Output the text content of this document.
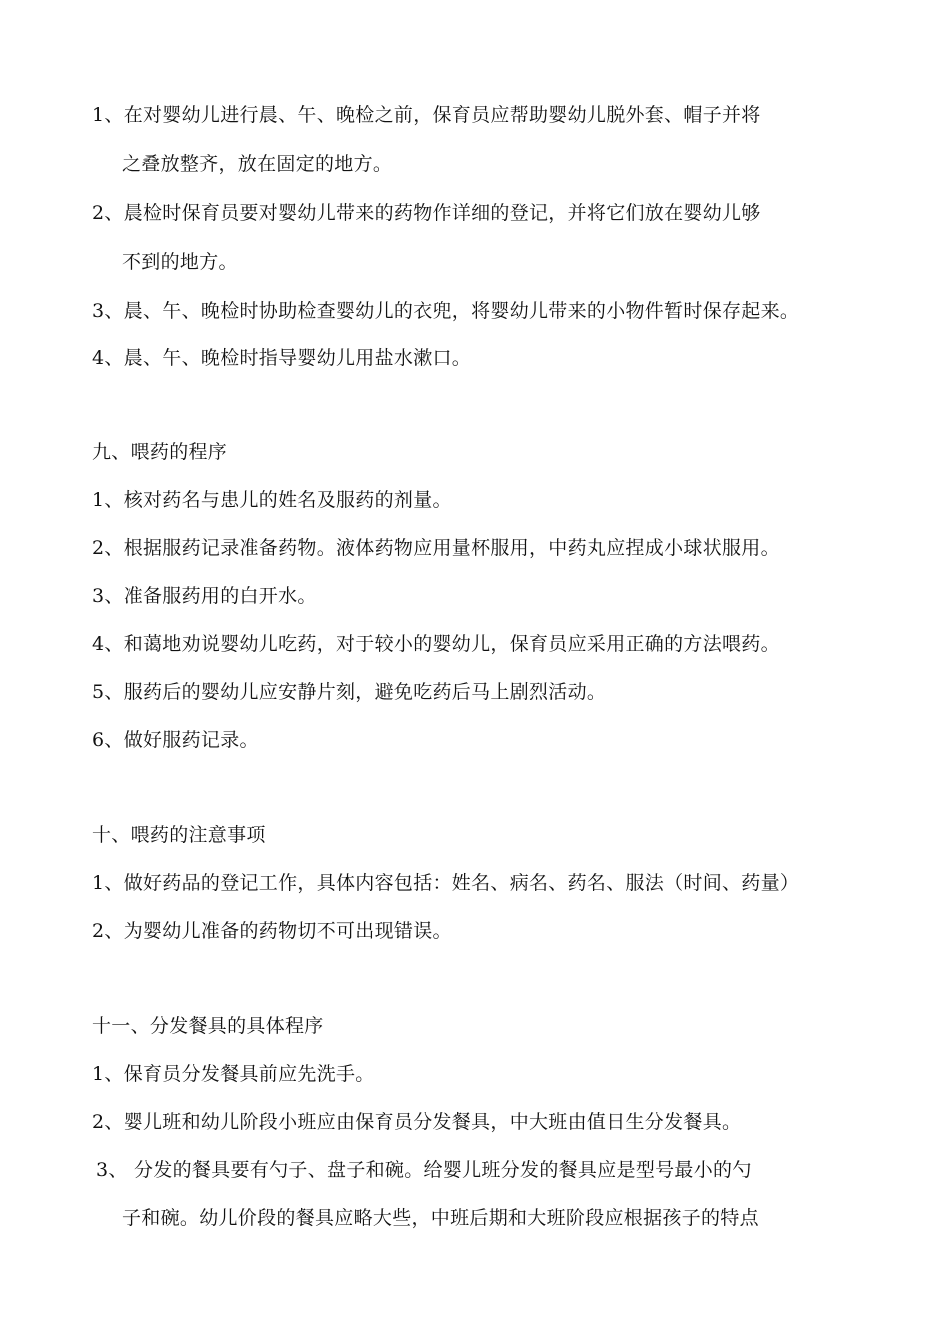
1、在对婴幼儿进行晨、午、晚检之前，保育员应帮助婴幼儿脱外套、帽子并将
之叠放整齐，放在固定的地方。
2、晨检时保育员要对婴幼儿带来的药物作详细的登记，并将它们放在婴幼儿够
不到的地方。
3、晨、午、晚检时协助检查婴幼儿的衣兜，将婴幼儿带来的小物件暂时保存起来。
4、晨、午、晚检时指导婴幼儿用盐水漱口。
九、喂药的程序
1、核对药名与患儿的姓名及服药的剂量。
2、根据服药记录准备药物。液体药物应用量杯服用，中药丸应捏成小球状服用。
3、准备服药用的白开水。
4、和蔼地劝说婴幼儿吃药，对于较小的婴幼儿，保育员应采用正确的方法喂药。
5、服药后的婴幼儿应安静片刻，避免吃药后马上剧烈活动。
6、做好服药记录。
十、喂药的注意事项
1、做好药品的登记工作，具体内容包括：姓名、病名、药名、服法（时间、药量）
2、为婴幼儿准备的药物切不可出现错误。
十一、分发餐具的具体程序
1、保育员分发餐具前应先洗手。
2、婴儿班和幼儿阶段小班应由保育员分发餐具，中大班由值日生分发餐具。
3、 分发的餐具要有勺子、盘子和碗。给婴儿班分发的餐具应是型号最小的勺
子和碗。幼儿价段的餐具应略大些，中班后期和大班阶段应根据孩子的特点
